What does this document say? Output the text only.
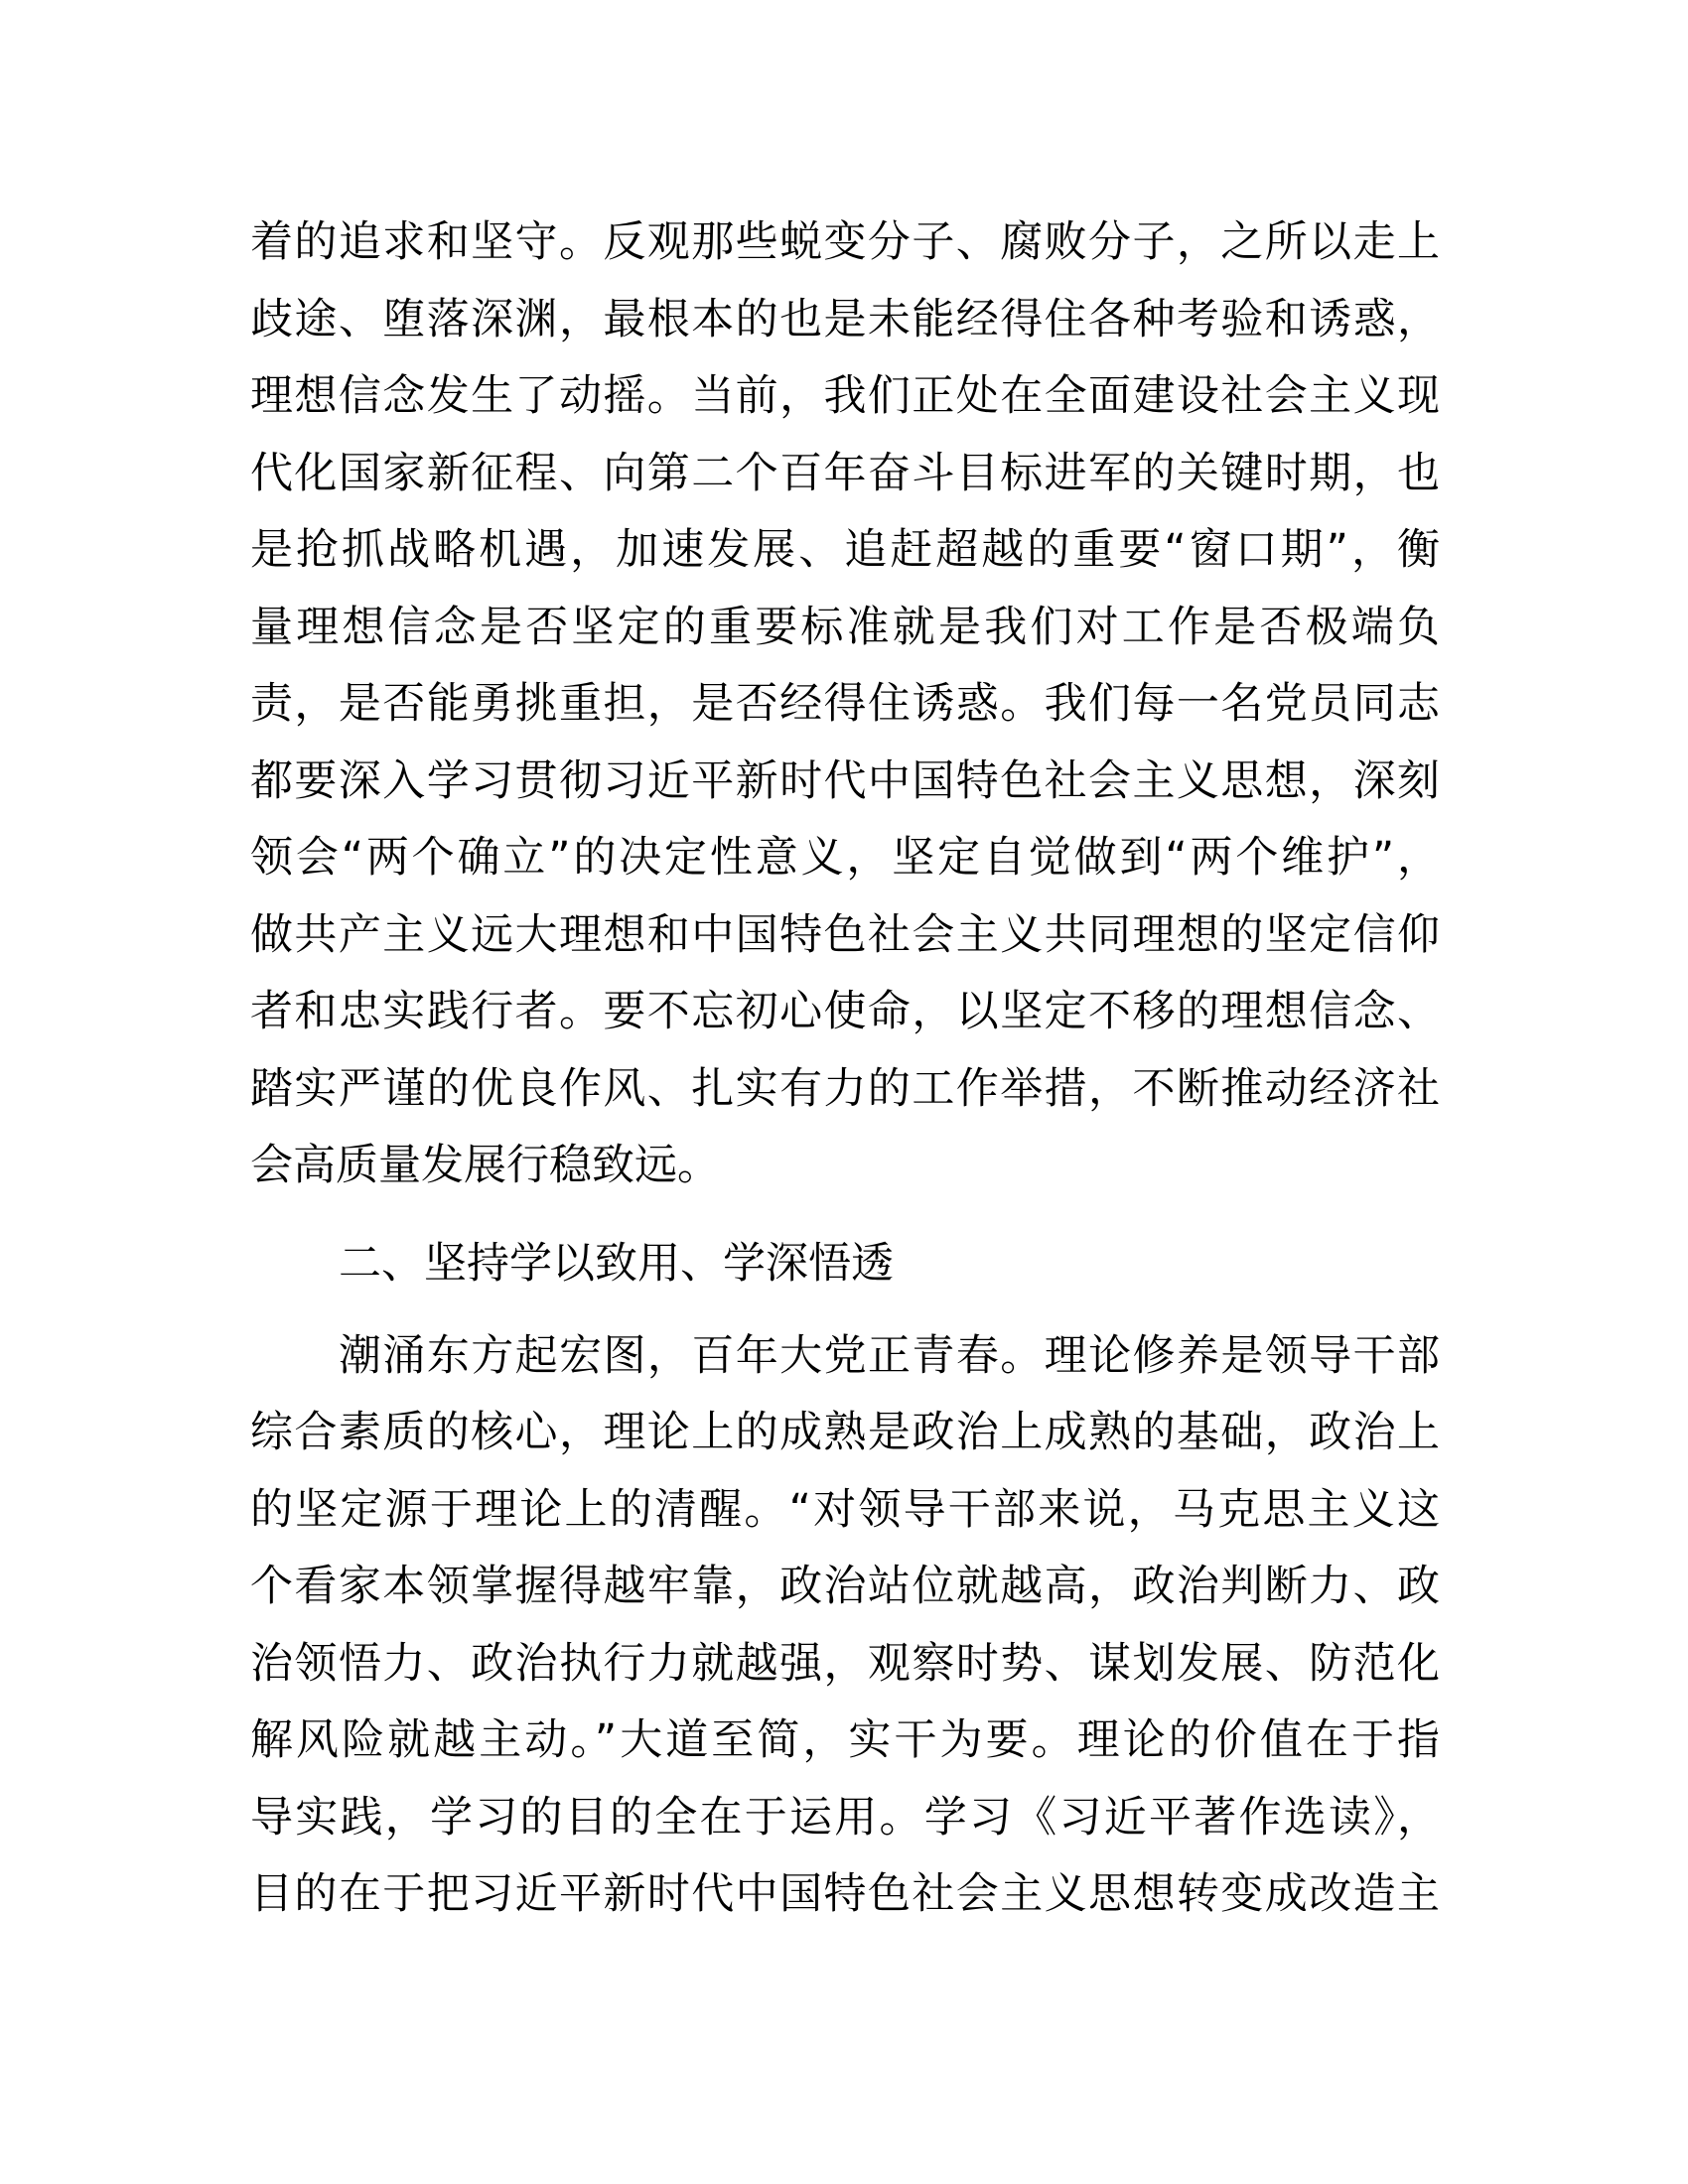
着的追求和坚守。反观那些蜕变分子、腐败分子，之所以走上
歧途、堕落深渊，最根本的也是未能经得住各种考验和诱惑，
理想信念发生了动摇。当前，我们正处在全面建设社会主义现
代化国家新征程、向第二个百年奋斗目标进军的关键时期，也
是抢抓战略机遇，加速发展、追赶超越的重要“窗口期”，衡
量理想信念是否坚定的重要标准就是我们对工作是否极端负
责，是否能勇挑重担，是否经得住诱惑。我们每一名党员同志
都要深入学习贯彻习近平新时代中国特色社会主义思想，深刻
领会“两个确立”的决定性意义，坚定自觉做到“两个维护”，
做共产主义远大理想和中国特色社会主义共同理想的坚定信仰
者和忠实践行者。要不忘初心使命，以坚定不移的理想信念、
踏实严谨的优良作风、扎实有力的工作举措，不断推动经济社
会高质量发展行稳致远。
二、坚持学以致用、学深悟透
潮涌东方起宏图，百年大党正青春。理论修养是领导干部
综合素质的核心，理论上的成熟是政治上成熟的基础，政治上
的坚定源于理论上的清醒。“对领导干部来说，马克思主义这
个看家本领掌握得越牢靠，政治站位就越高，政治判断力、政
治领悟力、政治执行力就越强，观察时势、谋划发展、防范化
解风险就越主动。”大道至简，实干为要。理论的价值在于指
导实践，学习的目的全在于运用。学习《习近平著作选读》，
目的在于把习近平新时代中国特色社会主义思想转变成改造主
